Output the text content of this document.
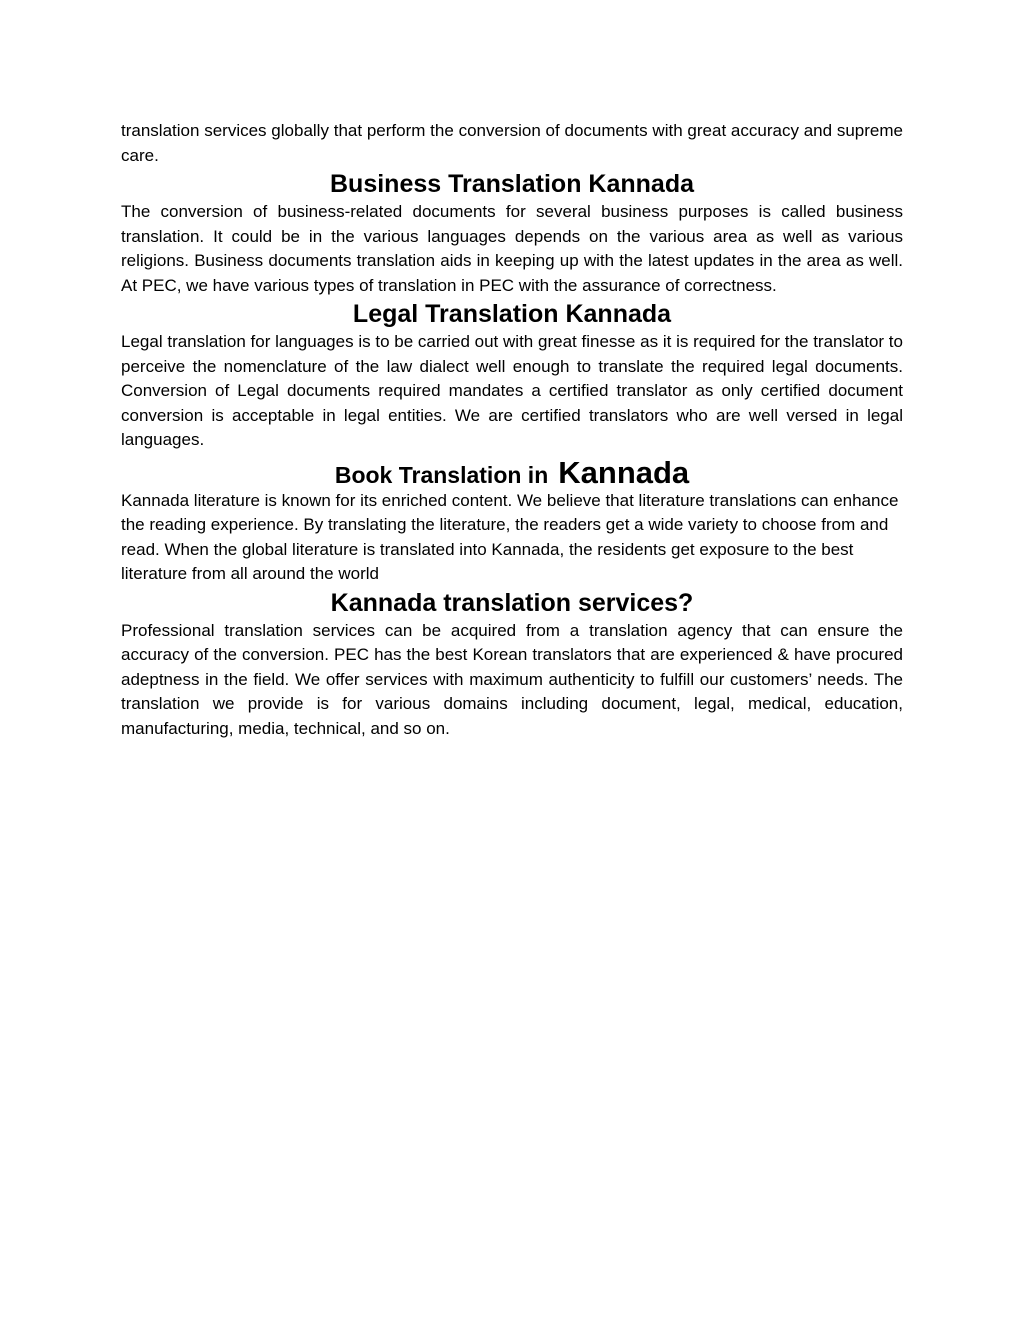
translation services globally that perform the conversion of documents with great accuracy and supreme care.

Business Translation Kannada

The conversion of business-related documents for several business purposes is called business translation. It could be in the various languages depends on the various area as well as various religions. Business documents translation aids in keeping up with the latest updates in the area as well. At PEC, we have various types of translation in PEC with the assurance of correctness.

Legal Translation Kannada

Legal translation for languages is to be carried out with great finesse as it is required for the translator to perceive the nomenclature of the law dialect well enough to translate the required legal documents. Conversion of Legal documents required mandates a certified translator as only certified document conversion is acceptable in legal entities. We are certified translators who are well versed in legal languages.

Book Translation in Kannada

Kannada literature is known for its enriched content. We believe that literature translations can enhance the reading experience. By translating the literature, the readers get a wide variety to choose from and read. When the global literature is translated into Kannada, the residents get exposure to the best literature from all around the world

Kannada translation services?

Professional translation services can be acquired from a translation agency that can ensure the accuracy of the conversion. PEC has the best Korean translators that are experienced & have procured adeptness in the field. We offer services with maximum authenticity to fulfill our customers’ needs. The translation we provide is for various domains including document, legal, medical, education, manufacturing, media, technical, and so on.
